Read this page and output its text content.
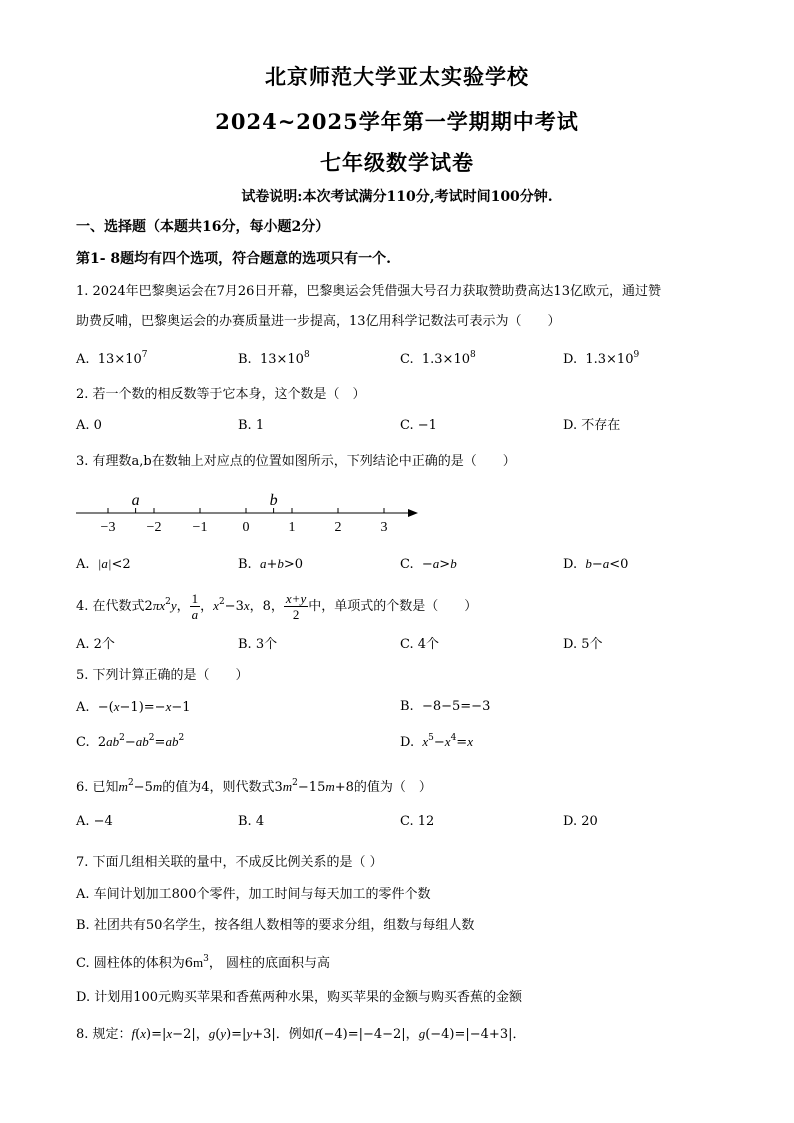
北京师范大学亚太实验学校
2024~2025学年第一学期期中考试
七年级数学试卷
试卷说明:本次考试满分110分,考试时间100分钟.
一、选择题（本题共16分，每小题2分）
第1- 8题均有四个选项，符合题意的选项只有一个.
1. 2024年巴黎奥运会在7月26日开幕，巴黎奥运会凭借强大号召力获取赞助费高达13亿欧元，通过赞
助费反哺，巴黎奥运会的办赛质量进一步提高，13亿用科学记数法可表示为（　　）
A.  $13\times 10^7$	B.  $13\times 10^8$	C.  $1.3\times 10^8$	D.  $1.3\times 10^9$
2. 若一个数的相反数等于它本身，这个数是（　）
A. 0	B. 1	C. −1	D. 不存在
3. 有理数a,b在数轴上对应点的位置如图所示，下列结论中正确的是（　　）
−3 −2 −1	0	1	2	3
a	b
A.  |a|<2	B.  a+b>0	C.  −a>b	D.  b−a<0
4. 在代数式$2\pi x^2y$， $\frac{1}{a}$ ，$x^2-3x$，8， $\frac{x+y}{2}$ 中，单项式的个数是（　　）
A. 2个	B. 3个	C. 4个	D. 5个
5. 下列计算正确的是（　　）
A.  −(x−1)=−x−1	B.  −8−5=−3
C.  $2ab^2-ab^2=ab^2$	D.  $x^5-x^4=x$
6. 已知$m^2-5m$的值为4，则代数式$3m^2-15m+8$的值为（　）
A. −4	B. 4	C. 12	D. 20
7. 下面几组相关联的量中，不成反比例关系的是（ ）
A. 车间计划加工800个零件，加工时间与每天加工的零件个数
B. 社团共有50名学生，按各组人数相等的要求分组，组数与每组人数
C. 圆柱体的体积为$6m^3$， 圆柱的底面积与高
D. 计划用100元购买苹果和香蕉两种水果，购买苹果的金额与购买香蕉的金额
8. 规定：f(x)=|x−2|，g(y)=|y+3|．例如f(−4)=|−4−2|，g(−4)=|−4+3|．
